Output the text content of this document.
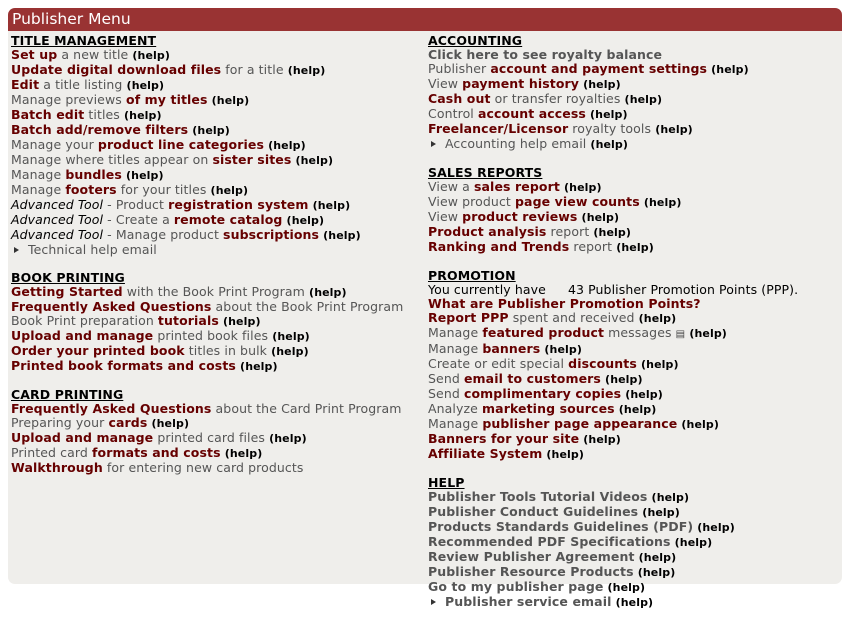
Publisher Menu
TITLE MANAGEMENT
Set up a new title (help)
Update digital download files for a title (help)
Edit a title listing (help)
Manage previews of my titles (help)
Batch edit titles (help)
Batch add/remove filters (help)
Manage your product line categories (help)
Manage where titles appear on sister sites (help)
Manage bundles (help)
Manage footers for your titles (help)
Advanced Tool - Product registration system (help)
Advanced Tool - Create a remote catalog (help)
Advanced Tool - Manage product subscriptions (help)
Technical help email
BOOK PRINTING
Getting Started with the Book Print Program (help)
Frequently Asked Questions about the Book Print Program
Book Print preparation tutorials (help)
Upload and manage printed book files (help)
Order your printed book titles in bulk (help)
Printed book formats and costs (help)
CARD PRINTING
Frequently Asked Questions about the Card Print Program
Preparing your cards (help)
Upload and manage printed card files (help)
Printed card formats and costs (help)
Walkthrough for entering new card products
ACCOUNTING
Click here to see royalty balance
Publisher account and payment settings (help)
View payment history (help)
Cash out or transfer royalties (help)
Control account access (help)
Freelancer/Licensor royalty tools (help)
Accounting help email (help)
SALES REPORTS
View a sales report (help)
View product page view counts (help)
View product reviews (help)
Product analysis report (help)
Ranking and Trends report (help)
PROMOTION
You currently have 43 Publisher Promotion Points (PPP).
What are Publisher Promotion Points?
Report PPP spent and received (help)
Manage featured product messages ▤ (help)
Manage banners (help)
Create or edit special discounts (help)
Send email to customers (help)
Send complimentary copies (help)
Analyze marketing sources (help)
Manage publisher page appearance (help)
Banners for your site (help)
Affiliate System (help)
HELP
Publisher Tools Tutorial Videos (help)
Publisher Conduct Guidelines (help)
Products Standards Guidelines (PDF) (help)
Recommended PDF Specifications (help)
Review Publisher Agreement (help)
Publisher Resource Products (help)
Go to my publisher page (help)
Publisher service email (help)
